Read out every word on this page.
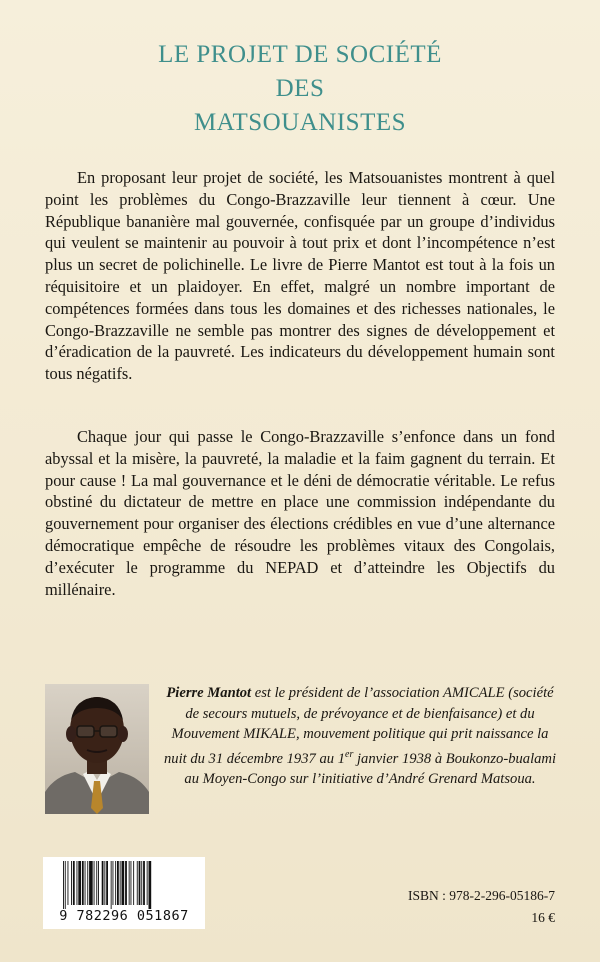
LE PROJET DE SOCIÉTÉ
DES
MATSOUANISTES

En proposant leur projet de société, les Matsouanistes montrent à quel point les problèmes du Congo-Brazzaville leur tiennent à cœur. Une République bananière mal gouvernée, confisquée par un groupe d’individus qui veulent se maintenir au pouvoir à tout prix et dont l’incompétence n’est plus un secret de polichinelle. Le livre de Pierre Mantot est tout à la fois un réquisitoire et un plaidoyer. En effet, malgré un nombre important de compétences formées dans tous les domaines et des richesses nationales, le Congo-Brazzaville ne semble pas montrer des signes de développement et d’éradication de la pauvreté. Les indicateurs du développement humain sont tous négatifs.

Chaque jour qui passe le Congo-Brazzaville s’enfonce dans un fond abyssal et la misère, la pauvreté, la maladie et la faim gagnent du terrain. Et pour cause ! La mal gouvernance et le déni de démocratie véritable. Le refus obstiné du dictateur de mettre en place une commission indépendante du gouvernement pour organiser des élections crédibles en vue d’une alternance démocratique empêche de résoudre les problèmes vitaux des Congolais, d’exécuter le programme du NEPAD et d’atteindre les Objectifs du millénaire.

Pierre Mantot est le président de l’association AMICALE (société de secours mutuels, de prévoyance et de bienfaisance) et du Mouvement MIKALE, mouvement politique qui prit naissance la nuit du 31 décembre 1937 au 1er janvier 1938 à Boukonzo-bualami au Moyen-Congo sur l’initiative d’André Grenard Matsoua.

9 782296 051867
ISBN : 978-2-296-05186-7
16 €
